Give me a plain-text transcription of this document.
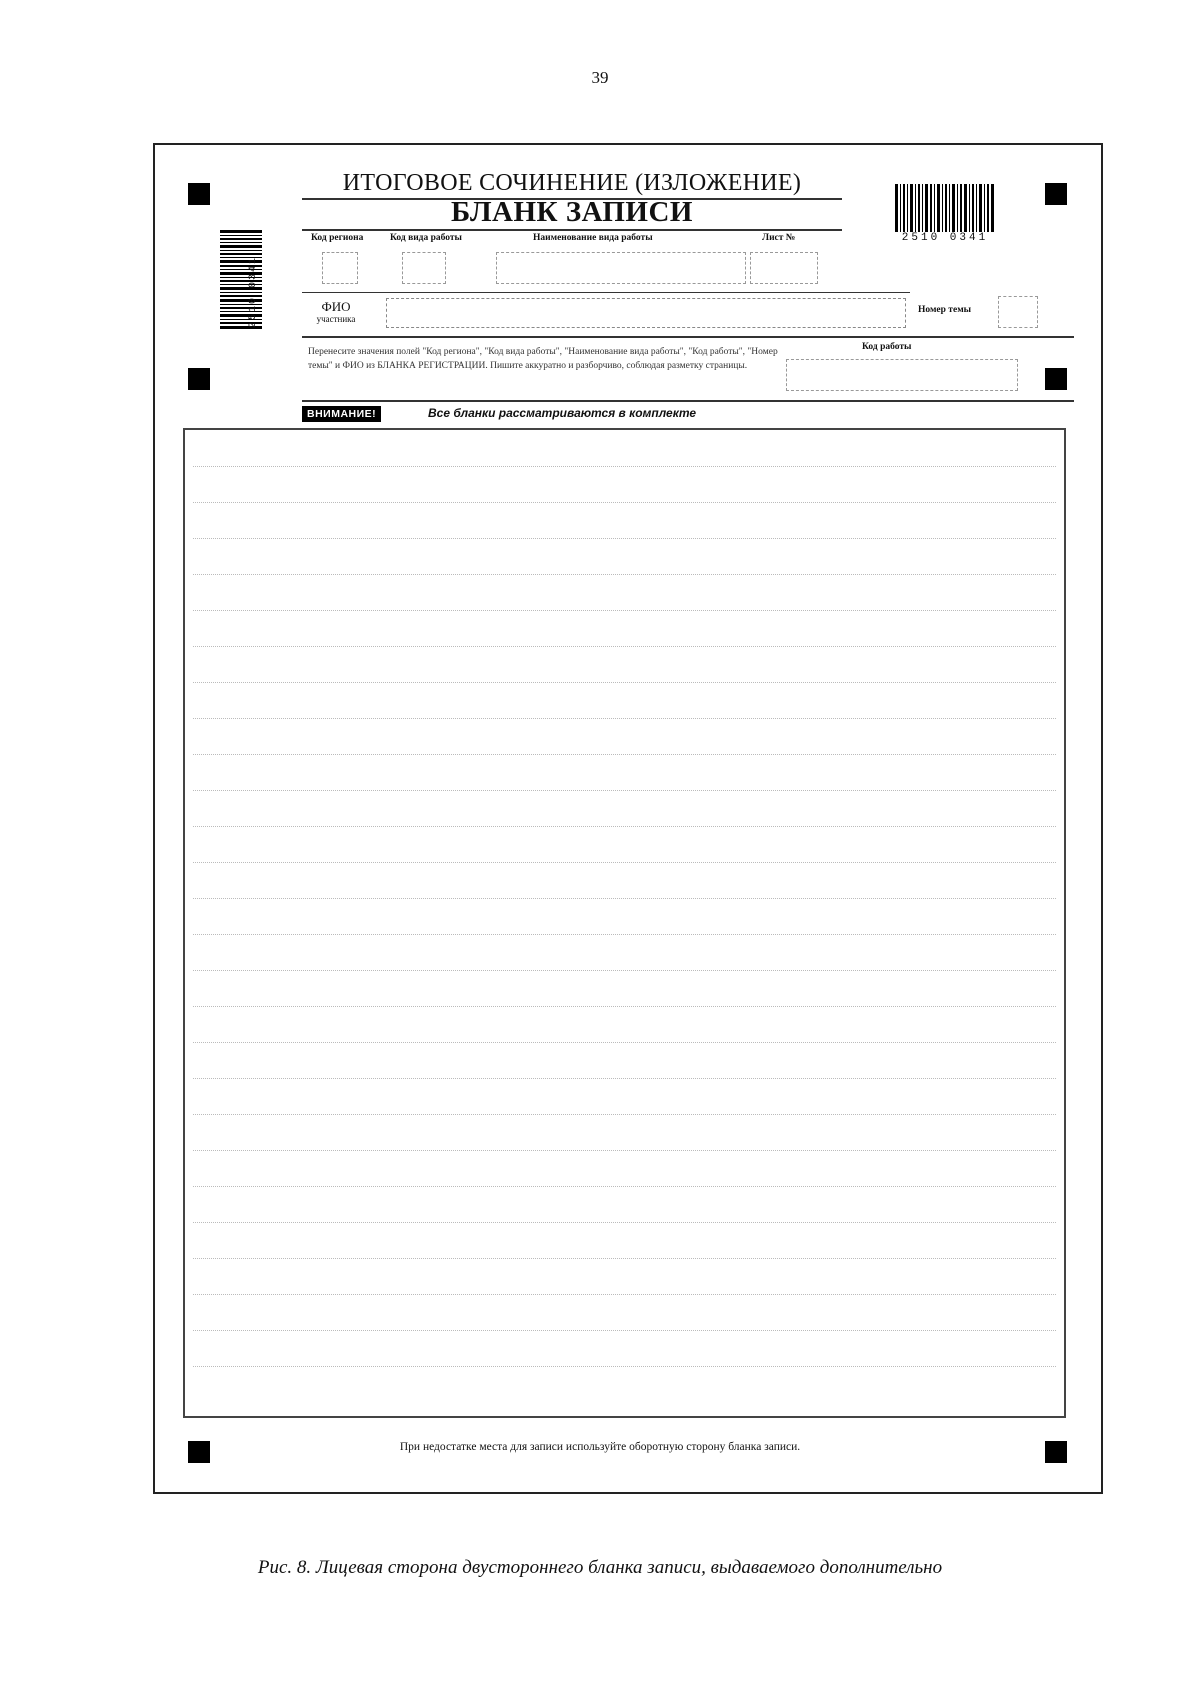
39
2510 0341
ИТОГОВОЕ СОЧИНЕНИЕ (ИЗЛОЖЕНИЕ)
БЛАНК ЗАПИСИ
2510 0341
Код региона	Код вида работы	Наименование вида работы	Лист №
ФИО
участника
Номер темы
Перенесите значения полей "Код региона", "Код вида работы", "Наименование вида работы", "Код работы", "Номер темы" и ФИО из БЛАНКА РЕГИСТРАЦИИ. Пишите аккуратно и разборчиво, соблюдая разметку страницы.
Код работы
ВНИМАНИЕ!	Все бланки рассматриваются в комплекте
При недостатке места для записи используйте оборотную сторону бланка записи.
Рис. 8. Лицевая сторона двустороннего бланка записи, выдаваемого дополнительно
